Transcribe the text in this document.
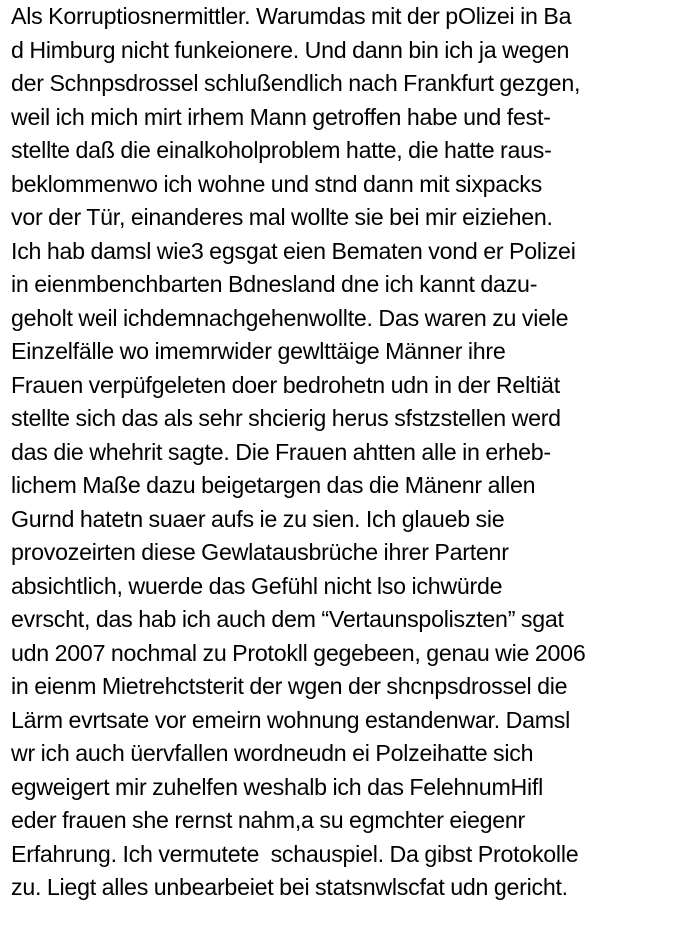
Als Korruptiosnermittler. Warumdas mit der pOlizei in Ba
d Himburg nicht funkeionere. Und dann bin ich ja wegen
der Schnpsdrossel schlußendlich nach Frankfurt gezgen,
weil ich mich mirt irhem Mann getroffen habe und fest-
stellte daß die einalkoholproblem hatte, die hatte raus-
beklommenwo ich wohne und stnd dann mit sixpacks
vor der Tür, einanderes mal wollte sie bei mir eiziehen.
Ich hab damsl wie3 egsgat eien Bematen vond er Polizei
in eienmbenchbarten Bdnesland dne ich kannt dazu-
geholt weil ichdemnachgehenwollte. Das waren zu viele
Einzelfälle wo imemrwider gewlttäige Männer ihre
Frauen verpüfgeleten doer bedrohetn udn in der Reltiät
stellte sich das als sehr shcierig herus sfstzstellen werd
das die whehrit sagte. Die Frauen ahtten alle in erheb-
lichem Maße dazu beigetargen das die Mänenr allen
Gurnd hatetn suaer aufs ie zu sien. Ich glaueb sie
provozeirten diese Gewlatausbrüche ihrer Partenr
absichtlich, wuerde das Gefühl nicht lso ichwürde
evrscht, das hab ich auch dem “Vertaunspoliszten” sgat
udn 2007 nochmal zu Protokll gegebeen, genau wie 2006
in eienm Mietrehctsterit der wgen der shcnpsdrossel die
Lärm evrtsate vor emeirn wohnung estandenwar. Damsl
wr ich auch üervfallen wordneudn ei Polzeihatte sich
egweigert mir zuhelfen weshalb ich das FelehnumHifl
eder frauen she rernst nahm,a su egmchter eiegenr
Erfahrung. Ich vermutete  schauspiel. Da gibst Protokolle
zu. Liegt alles unbearbeiet bei statsnwlscfat udn gericht.
